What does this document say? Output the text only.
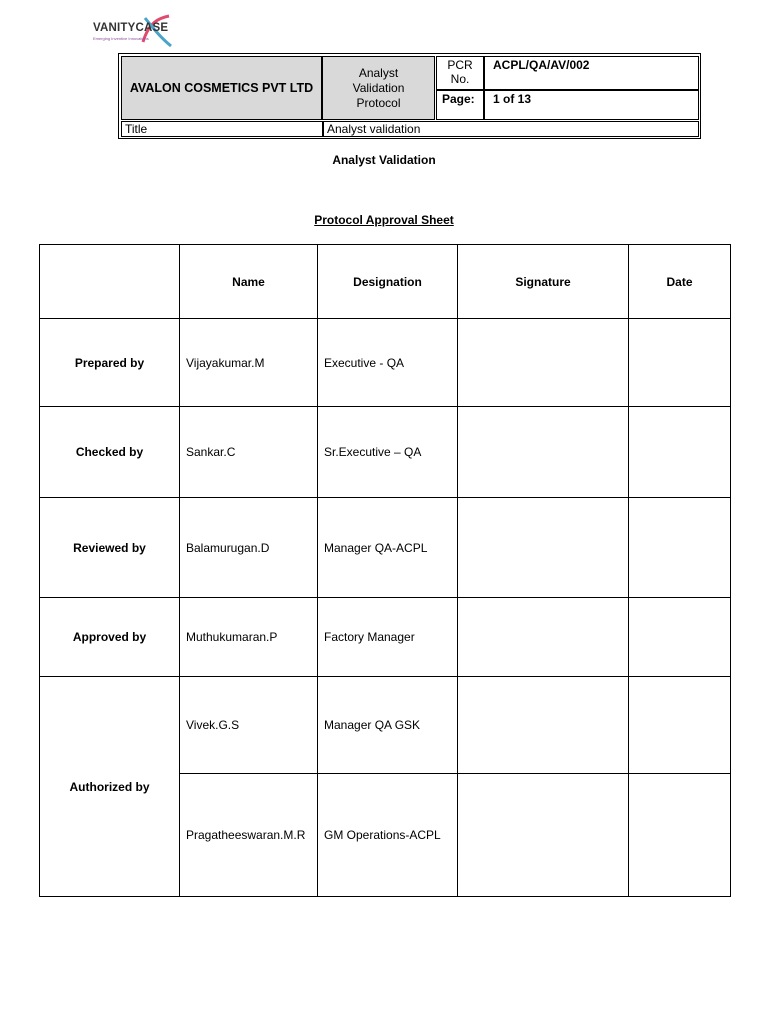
VANITYCASE
Emerging Inventive Innovations
AVALON COSMETICS PVT LTD
Analyst
Validation
Protocol
PCR
No.
ACPL/QA/AV/002
Page:	1 of 13
Title	Analyst validation
Analyst Validation
Protocol Approval Sheet
	Name	Designation	Signature	Date
Prepared by	Vijayakumar.M	Executive - QA		
Checked by	Sankar.C	Sr.Executive – QA		
Reviewed by	Balamurugan.D	Manager QA-ACPL		
Approved by	Muthukumaran.P	Factory Manager		
Authorized by	Vivek.G.S	Manager QA GSK		
	Pragatheeswaran.M.R	GM Operations-ACPL		
